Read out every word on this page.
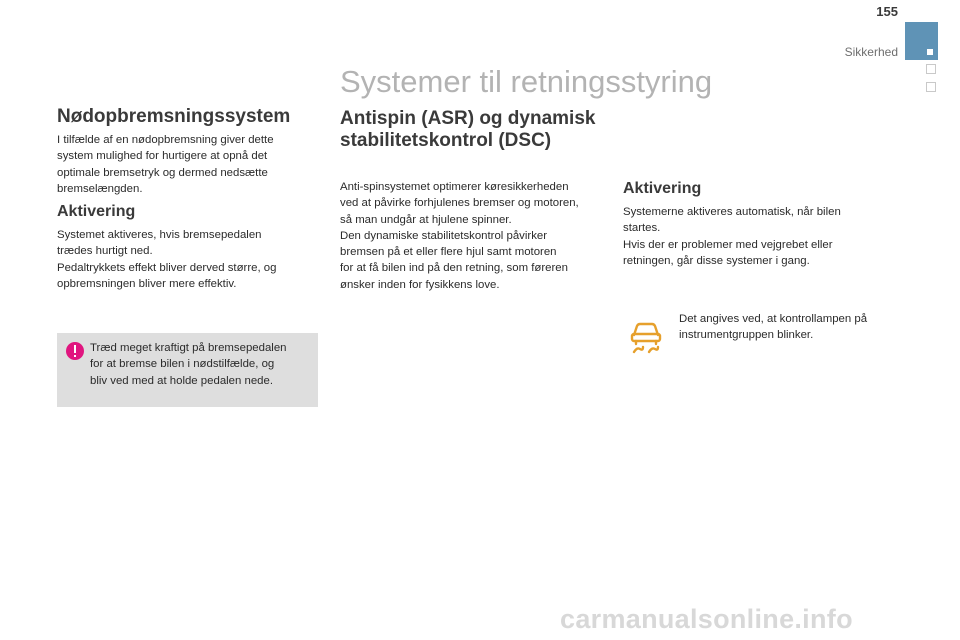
155
Sikkerhed
Systemer til retningsstyring
Nødopbremsningssystem

I tilfælde af en nødopbremsning giver dette

system mulighed for hurtigere at opnå det

optimale bremsetryk og dermed nedsætte

bremselængden.

Aktivering

Systemet aktiveres, hvis bremsepedalen

trædes hurtigt ned.

Pedaltrykkets effekt bliver derved større, og

opbremsningen bliver mere effektiv.

Træd meget kraftigt på bremsepedalen

for at bremse bilen i nødstilfælde, og

bliv ved med at holde pedalen nede.

Antispin (ASR) og dynamisk
stabilitetskontrol (DSC)

Anti-spinsystemet optimerer køresikkerheden

ved at påvirke forhjulenes bremser og motoren,

så man undgår at hjulene spinner.

Den dynamiske stabilitetskontrol påvirker

bremsen på et eller flere hjul samt motoren

for at få bilen ind på den retning, som føreren

ønsker inden for fysikkens love.

Aktivering

Systemerne aktiveres automatisk, når bilen

startes.

Hvis der er problemer med vejgrebet eller

retningen, går disse systemer i gang.

Det angives ved, at kontrollampen på

instrumentgruppen blinker.

carmanualsonline.info
